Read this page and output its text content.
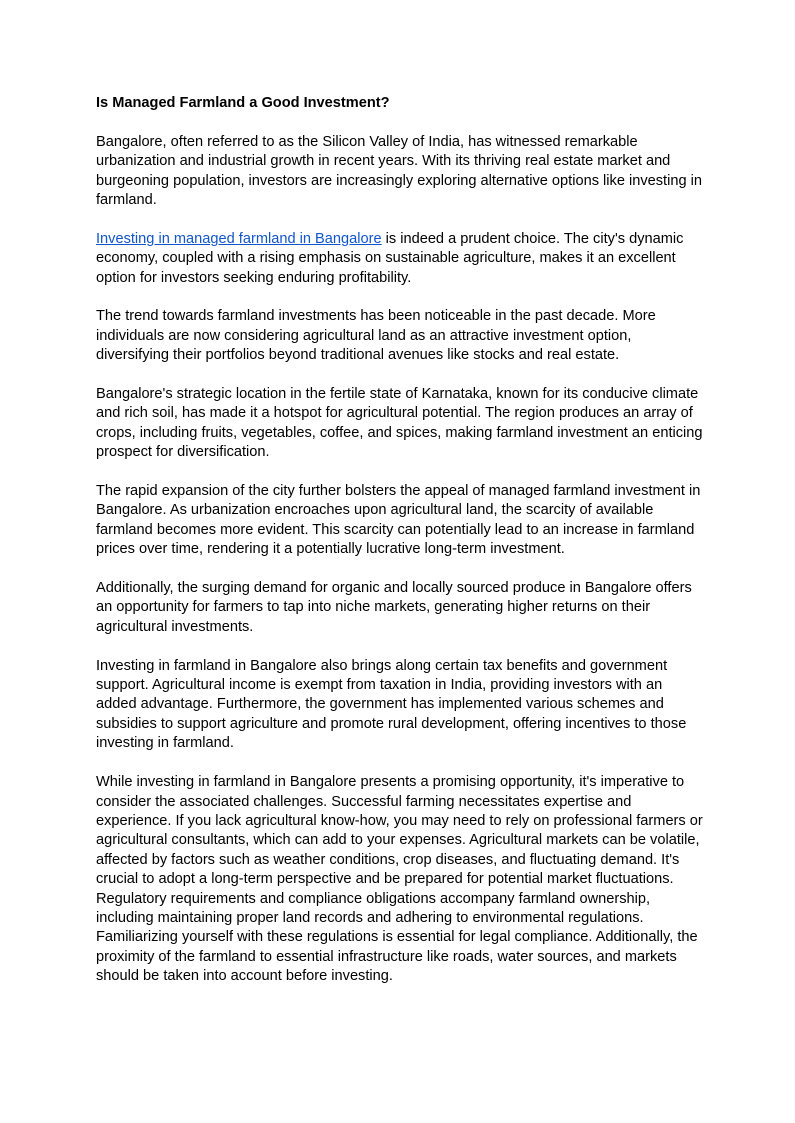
Is Managed Farmland a Good Investment?

Bangalore, often referred to as the Silicon Valley of India, has witnessed remarkable urbanization and industrial growth in recent years. With its thriving real estate market and burgeoning population, investors are increasingly exploring alternative options like investing in farmland.

Investing in managed farmland in Bangalore is indeed a prudent choice. The city's dynamic economy, coupled with a rising emphasis on sustainable agriculture, makes it an excellent option for investors seeking enduring profitability.

The trend towards farmland investments has been noticeable in the past decade. More individuals are now considering agricultural land as an attractive investment option, diversifying their portfolios beyond traditional avenues like stocks and real estate.

Bangalore's strategic location in the fertile state of Karnataka, known for its conducive climate and rich soil, has made it a hotspot for agricultural potential. The region produces an array of crops, including fruits, vegetables, coffee, and spices, making farmland investment an enticing prospect for diversification.

The rapid expansion of the city further bolsters the appeal of managed farmland investment in Bangalore. As urbanization encroaches upon agricultural land, the scarcity of available farmland becomes more evident. This scarcity can potentially lead to an increase in farmland prices over time, rendering it a potentially lucrative long-term investment.

Additionally, the surging demand for organic and locally sourced produce in Bangalore offers an opportunity for farmers to tap into niche markets, generating higher returns on their agricultural investments.

Investing in farmland in Bangalore also brings along certain tax benefits and government support. Agricultural income is exempt from taxation in India, providing investors with an added advantage. Furthermore, the government has implemented various schemes and subsidies to support agriculture and promote rural development, offering incentives to those investing in farmland.

While investing in farmland in Bangalore presents a promising opportunity, it's imperative to consider the associated challenges. Successful farming necessitates expertise and experience. If you lack agricultural know-how, you may need to rely on professional farmers or agricultural consultants, which can add to your expenses. Agricultural markets can be volatile, affected by factors such as weather conditions, crop diseases, and fluctuating demand. It's crucial to adopt a long-term perspective and be prepared for potential market fluctuations. Regulatory requirements and compliance obligations accompany farmland ownership, including maintaining proper land records and adhering to environmental regulations. Familiarizing yourself with these regulations is essential for legal compliance. Additionally, the proximity of the farmland to essential infrastructure like roads, water sources, and markets should be taken into account before investing.
